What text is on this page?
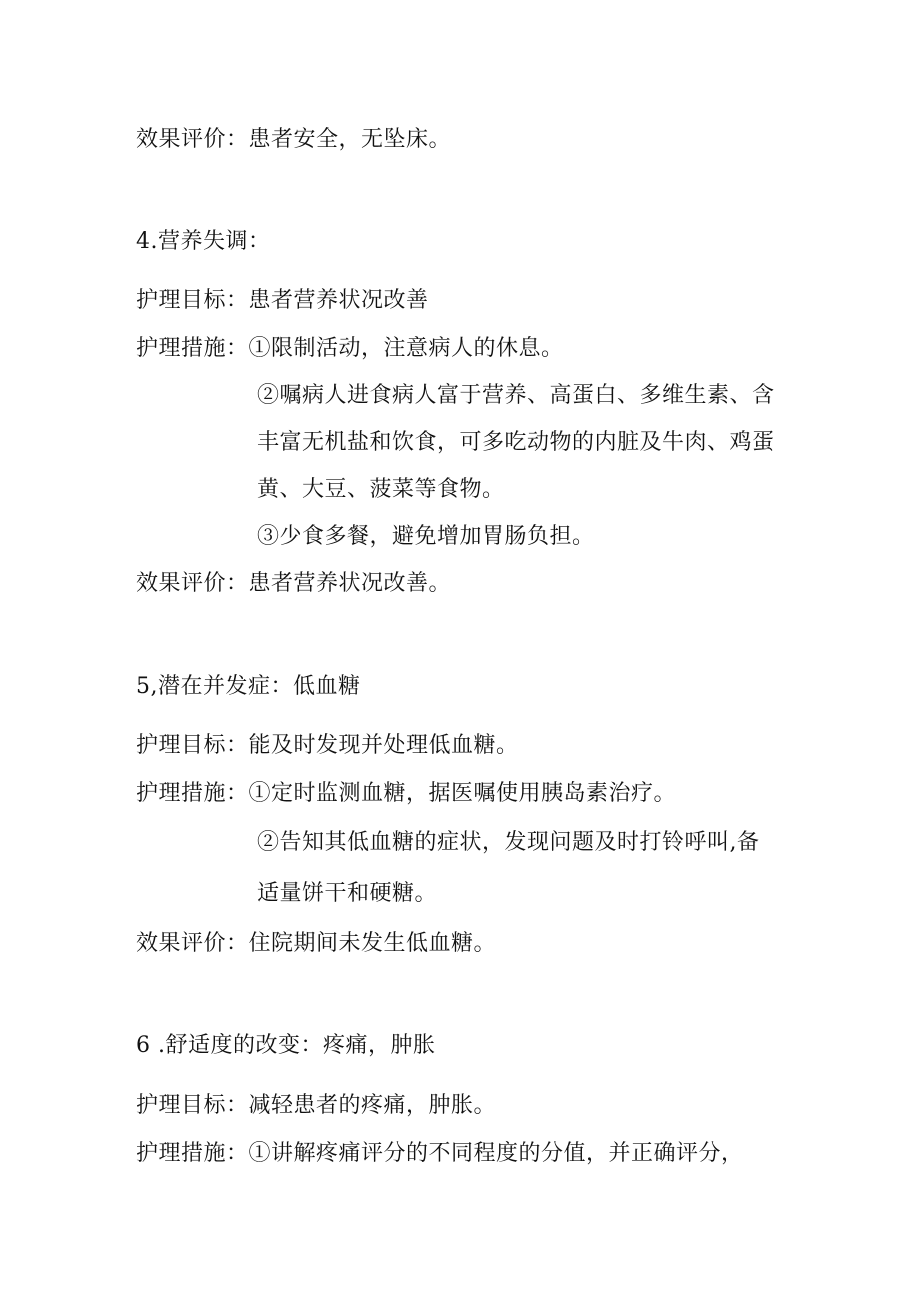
效果评价：患者安全，无坠床。
4.营养失调：
护理目标：患者营养状况改善
护理措施：①限制活动，注意病人的休息。
②嘱病人进食病人富于营养、高蛋白、多维生素、含
丰富无机盐和饮食，可多吃动物的内脏及牛肉、鸡蛋
黄、大豆、菠菜等食物。
③少食多餐，避免增加胃肠负担。
效果评价：患者营养状况改善。
5,潜在并发症：低血糖
护理目标：能及时发现并处理低血糖。
护理措施：①定时监测血糖，据医嘱使用胰岛素治疗。
②告知其低血糖的症状，发现问题及时打铃呼叫,备
适量饼干和硬糖。
效果评价：住院期间未发生低血糖。
6 .舒适度的改变：疼痛，肿胀
护理目标：减轻患者的疼痛，肿胀。
护理措施：①讲解疼痛评分的不同程度的分值，并正确评分，
